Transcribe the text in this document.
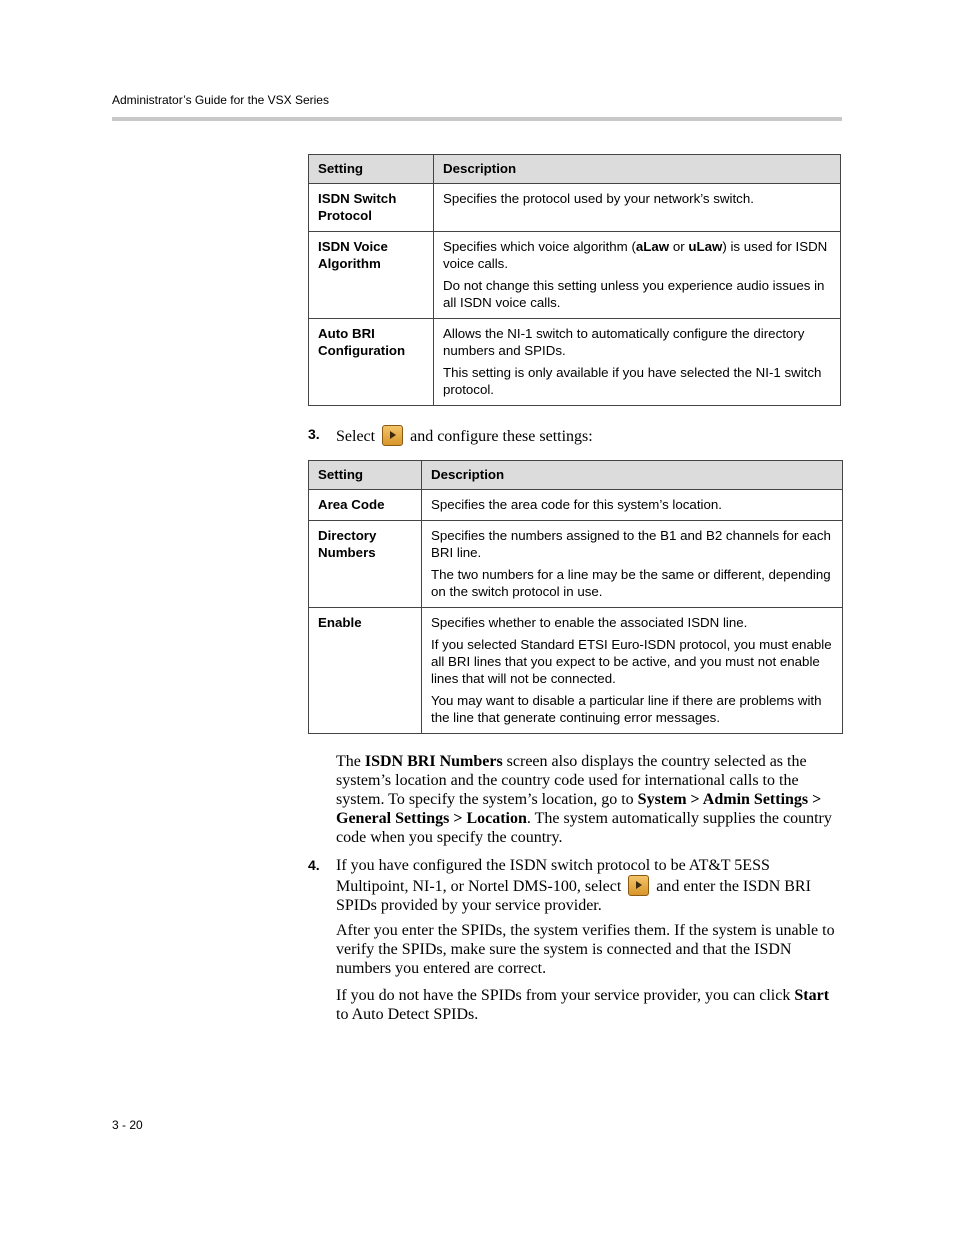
Administrator’s Guide for the VSX Series
Setting	Description
ISDN Switch Protocol	Specifies the protocol used by your network’s switch.

ISDN Voice Algorithm	Specifies which voice algorithm (aLaw or uLaw) is used for ISDN voice calls.

Do not change this setting unless you experience audio issues in all ISDN voice calls.

Auto BRI Configuration	Allows the NI-1 switch to automatically configure the directory numbers and SPIDs.

This setting is only available if you have selected the NI-1 switch protocol.

3. Select and configure these settings:
Setting	Description
Area Code	Specifies the area code for this system’s location.

Directory Numbers	Specifies the numbers assigned to the B1 and B2 channels for each BRI line.

The two numbers for a line may be the same or different, depending on the switch protocol in use.

Enable	Specifies whether to enable the associated ISDN line.

If you selected Standard ETSI Euro-ISDN protocol, you must enable all BRI lines that you expect to be active, and you must not enable lines that will not be connected.

You may want to disable a particular line if there are problems with the line that generate continuing error messages.

The ISDN BRI Numbers screen also displays the country selected as the system’s location and the country code used for international calls to the system. To specify the system’s location, go to System > Admin Settings > General Settings > Location. The system automatically supplies the country code when you specify the country.
4. If you have configured the ISDN switch protocol to be AT&T 5ESS Multipoint, NI-1, or Nortel DMS-100, select and enter the ISDN BRI SPIDs provided by your service provider.
After you enter the SPIDs, the system verifies them. If the system is unable to verify the SPIDs, make sure the system is connected and that the ISDN numbers you entered are correct.
If you do not have the SPIDs from your service provider, you can click Start to Auto Detect SPIDs.
3 - 20
